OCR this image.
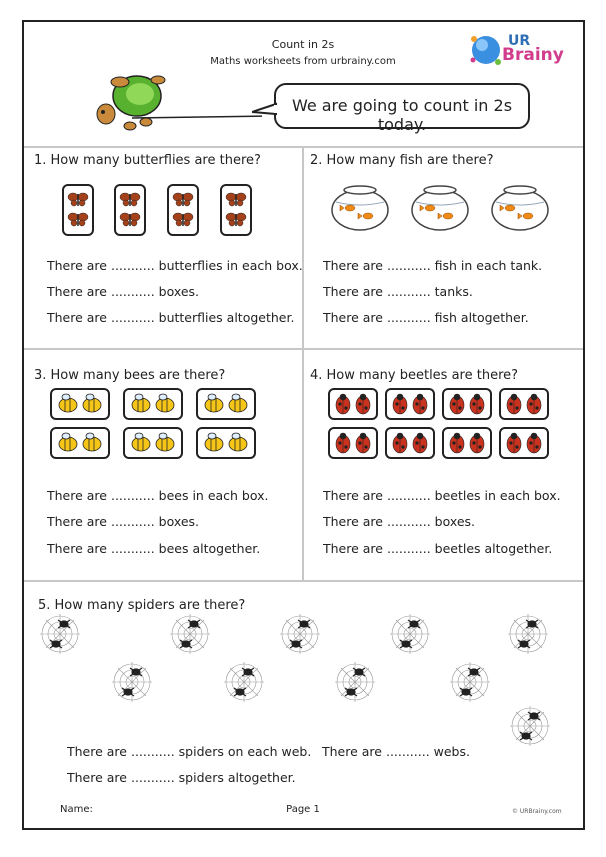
Count in 2s
Maths worksheets from urbrainy.com
UR
Brainy
We are going to count in 2s today.
1. How many butterflies are there?
There are ........... butterflies in each box.
There are ........... boxes.
There are ........... butterflies altogether.
2. How many fish are there?
There are ........... fish in each tank.
There are ........... tanks.
There are ........... fish altogether.
3. How many bees are there?
There are ........... bees in each box.
There are ........... boxes.
There are ........... bees altogether.
4. How many beetles are there?
There are ........... beetles in each box.
There are ........... boxes.
There are ........... beetles altogether.
5. How many spiders are there?
There are ........... spiders on each web. There are ........... webs.
There are ........... spiders altogether.
Name:	Page 1	© URBrainy.com
